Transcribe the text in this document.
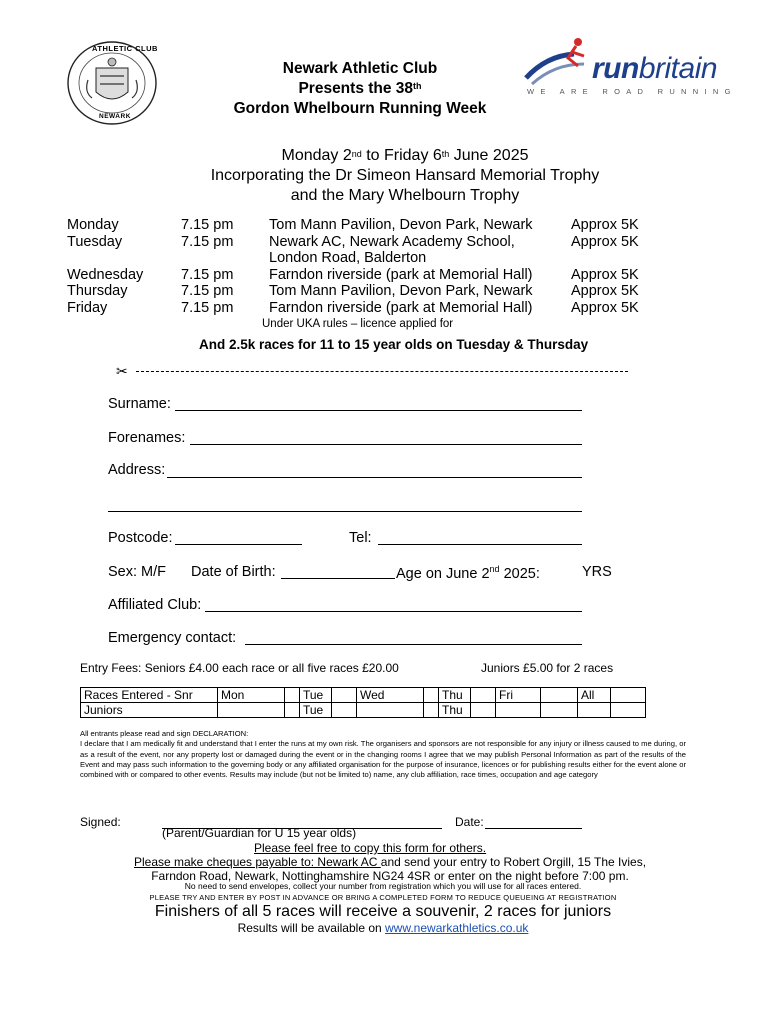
ATHLETIC CLUB
NEWARK
Newark Athletic Club
Presents the 38th
Gordon Whelbourn Running Week
runbritain
WE ARE ROAD RUNNING
Monday 2nd to Friday 6th June 2025
Incorporating the Dr Simeon Hansard Memorial Trophy
and the Mary Whelbourn Trophy
Monday	7.15 pm Tom Mann Pavilion, Devon Park, Newark	Approx 5K
Tuesday	7.15 pm Newark AC, Newark Academy School,	Approx 5K
London Road, Balderton
Wednesday	7.15 pm Farndon riverside (park at Memorial Hall)	Approx 5K
Thursday	7.15 pm Tom Mann Pavilion, Devon Park, Newark	Approx 5K
Friday	7.15 pm Farndon riverside (park at Memorial Hall)	Approx 5K
Under UKA rules – licence applied for
And 2.5k races for 11 to 15 year olds on Tuesday & Thursday
✂
Surname:
Forenames:
Address:
Postcode:	Tel:
Sex: M/F Date of Birth:	Age on June 2nd 2025:	YRS
Affiliated Club:
Emergency contact:
Entry Fees: Seniors £4.00 each race or all five races £20.00	Juniors £5.00 for 2 races
Races Entered - Snr	Mon		Tue		Wed		Thu		Fri		All	
Juniors			Tue				Thu					
All entrants please read and sign DECLARATION:
I declare that I am medically fit and understand that I enter the runs at my own risk. The organisers and sponsors are not responsible for any injury or illness caused to me during, or as a result of the event, nor any property lost or damaged during the event or in the changing rooms I agree that we may publish Personal Information as part of the results of the Event and may pass such information to the governing body or any affiliated organisation for the purpose of insurance, licences or for publishing results either for the event alone or combined with or compared to other events. Results may include (but not be limited to) name, any club affiliation, race times, occupation and age category
Signed:	Date:
(Parent/Guardian for U 15 year olds)
Please feel free to copy this form for others.
Please make cheques payable to: Newark AC and send your entry to Robert Orgill, 15 The Ivies,
Farndon Road, Newark, Nottinghamshire NG24 4SR or enter on the night before 7:00 pm.
No need to send envelopes, collect your number from registration which you will use for all races entered.
PLEASE TRY AND ENTER BY POST IN ADVANCE OR BRING A COMPLETED FORM TO REDUCE QUEUEING AT REGISTRATION
Finishers of all 5 races will receive a souvenir, 2 races for juniors
Results will be available on www.newarkathletics.co.uk
